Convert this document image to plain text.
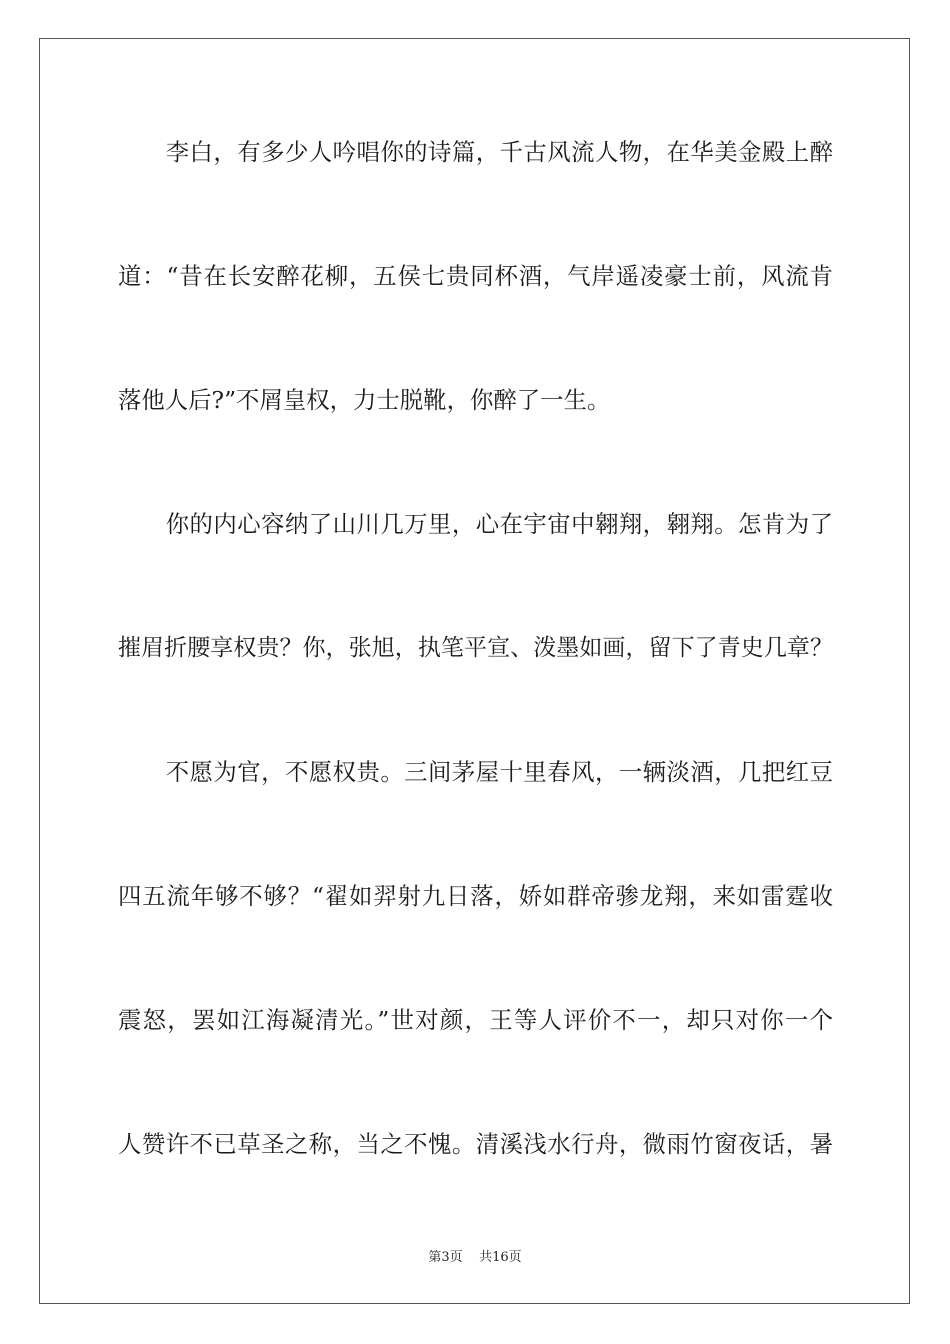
　　李白，有多少人吟唱你的诗篇，千古风流人物，在华美金殿上醉

道：“昔在长安醉花柳，五侯七贵同杯酒，气岸遥凌豪士前，风流肯

落他人后?”不屑皇权，力士脱靴，你醉了一生。

　　你的内心容纳了山川几万里，心在宇宙中翱翔，翱翔。怎肯为了

摧眉折腰享权贵？你，张旭，执笔平宣、泼墨如画，留下了青史几章？

　　不愿为官，不愿权贵。三间茅屋十里春风，一辆淡酒，几把红豆

四五流年够不够？“翟如羿射九日落，娇如群帝骖龙翔，来如雷霆收

震怒，罢如江海凝清光。”世对颜，王等人评价不一，却只对你一个

人赞许不已草圣之称，当之不愧。清溪浅水行舟，微雨竹窗夜话，暑

第3页 共16页
